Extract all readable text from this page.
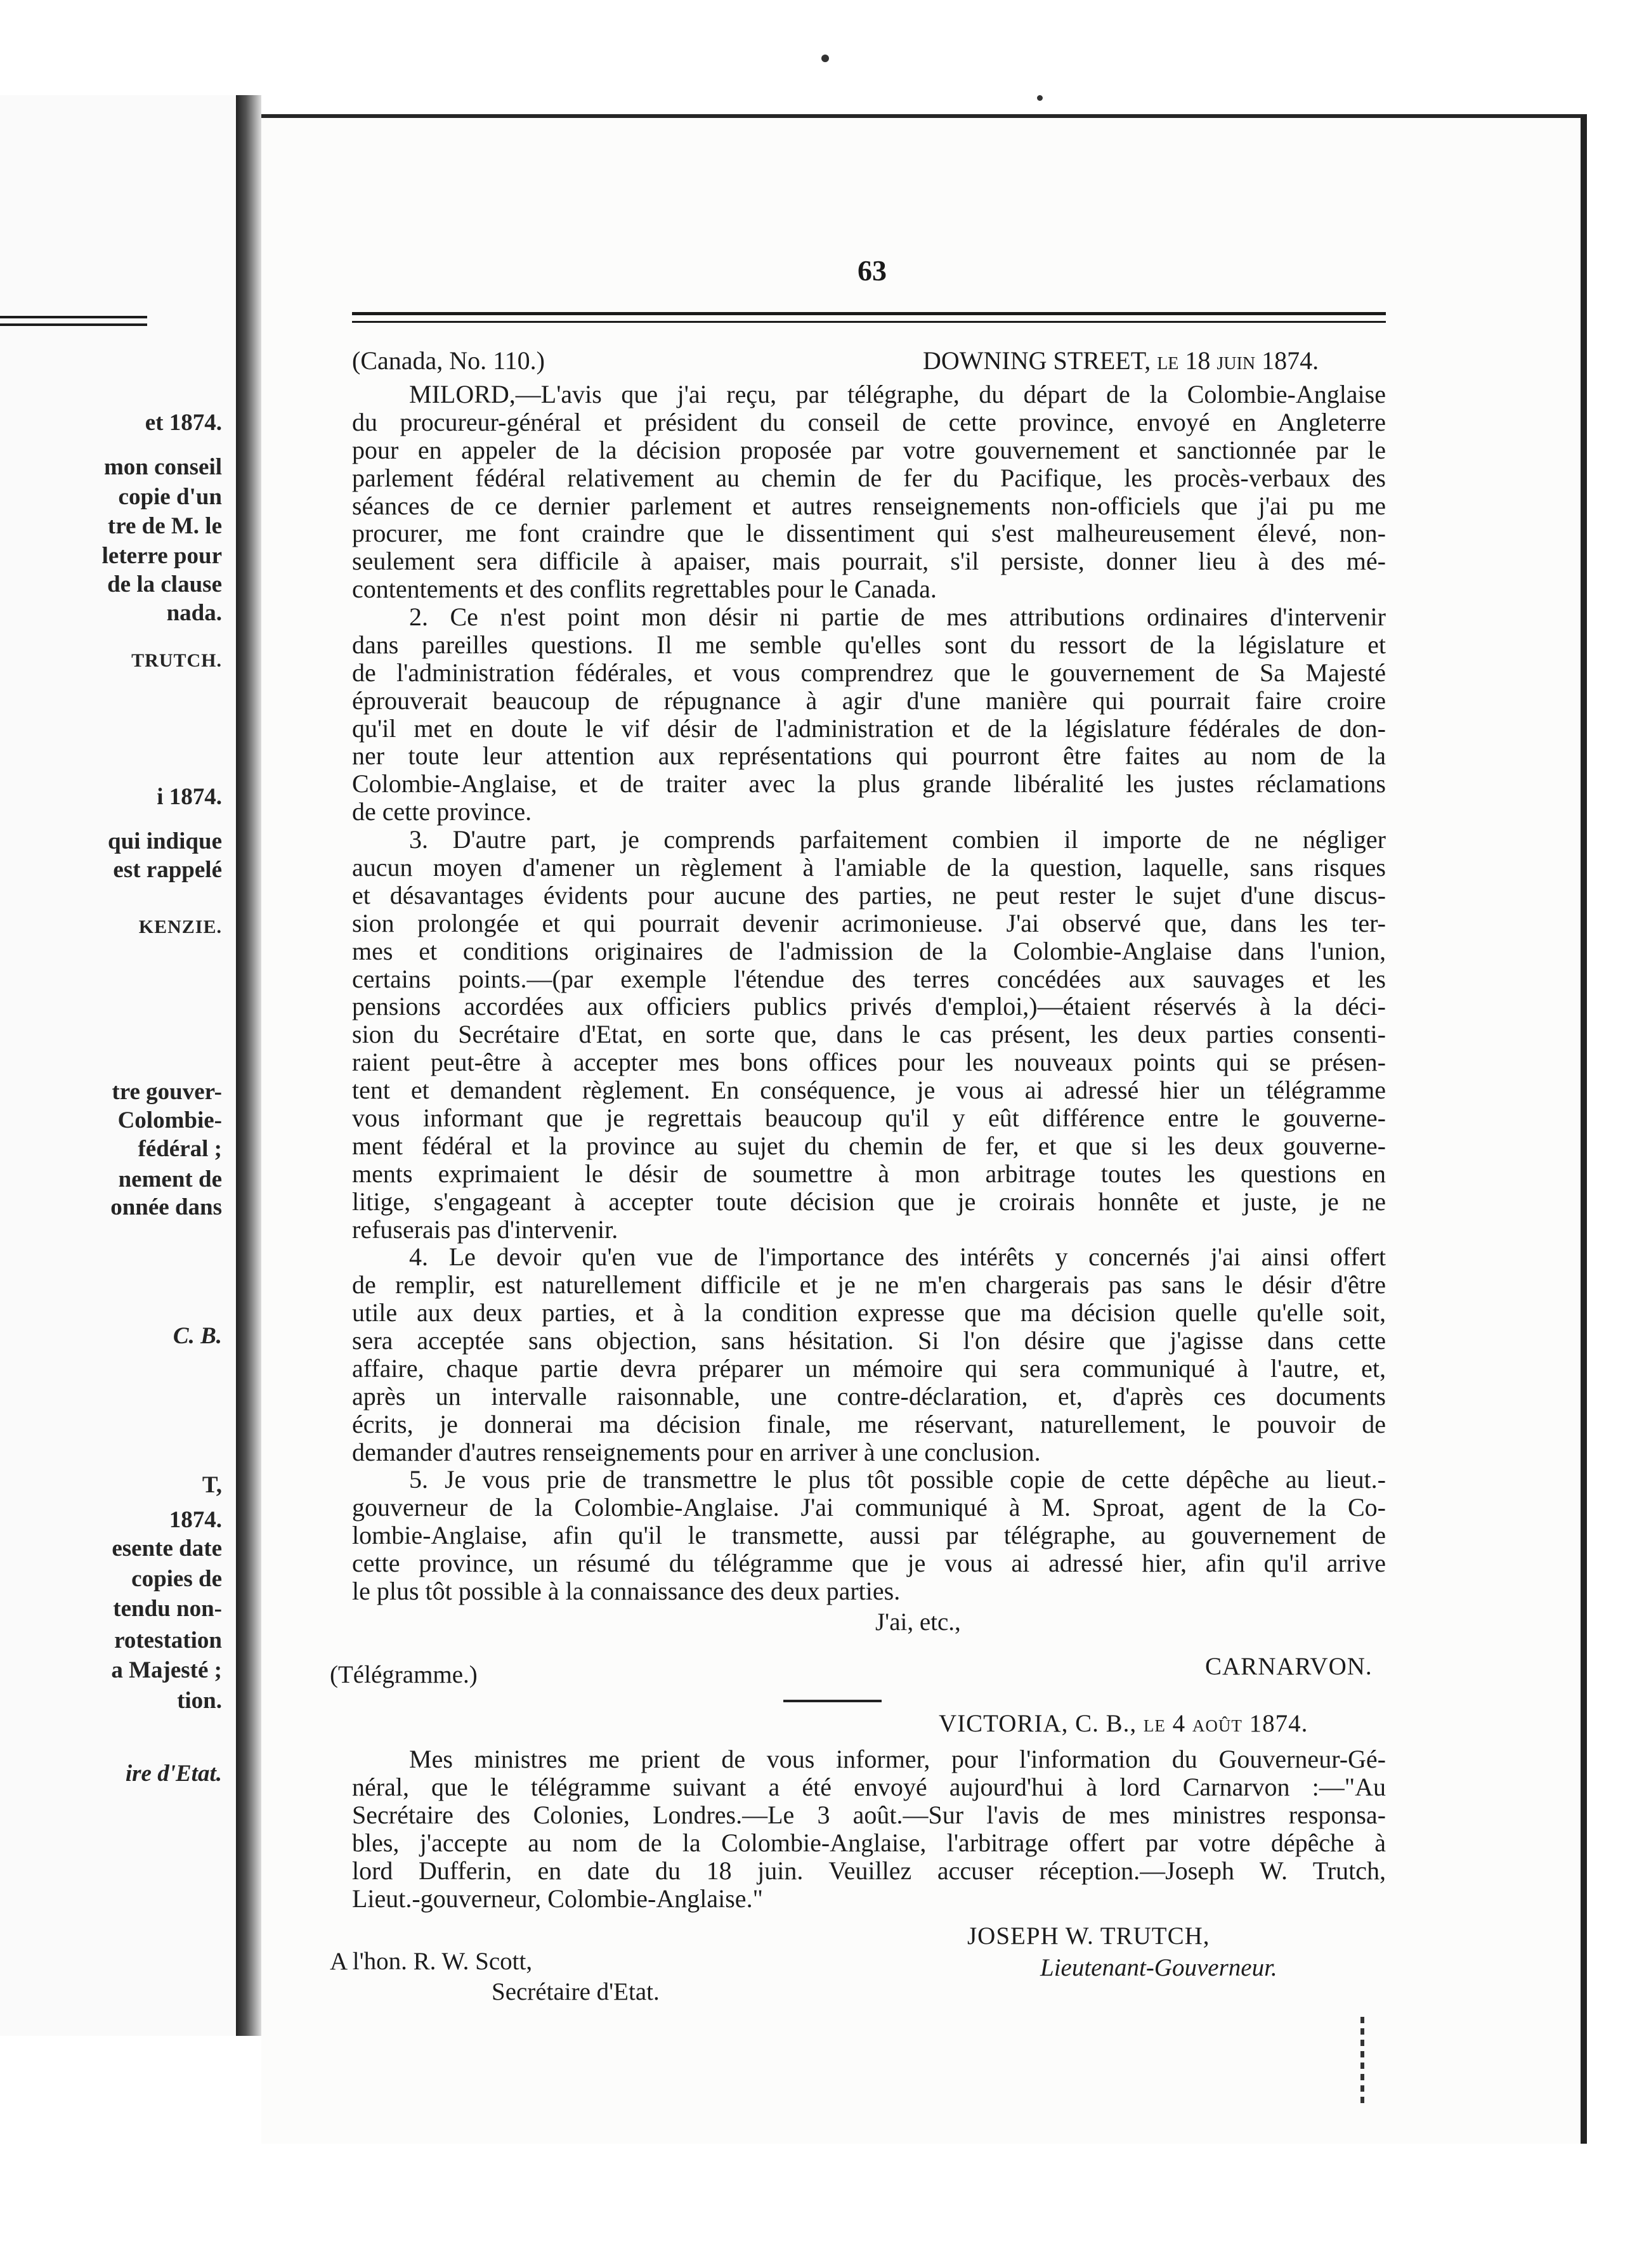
et 1874.
mon conseil
copie d'un
tre de M. le
leterre pour
de la clause
nada.
TRUTCH.
i 1874.
qui indique
est rappelé
KENZIE.
tre gouver-
Colombie-
fédéral ;
nement de
onnée dans
C. B.
T,
1874.
esente date
copies de
tendu non-
rotestation
a Majesté ;
tion.
ire d'Etat.
63
(Canada, No. 110.)	DOWNING STREET, le 18 juin 1874.
MILORD,—L'avis que j'ai reçu, par télégraphe, du départ de la Colombie-Anglaise
du procureur-général et président du conseil de cette province, envoyé en Angleterre
pour en appeler de la décision proposée par votre gouvernement et sanctionnée par le
parlement fédéral relativement au chemin de fer du Pacifique, les procès-verbaux des
séances de ce dernier parlement et autres renseignements non-officiels que j'ai pu me
procurer, me font craindre que le dissentiment qui s'est malheureusement élevé, non-
seulement sera difficile à apaiser, mais pourrait, s'il persiste, donner lieu à des mé-
contentements et des conflits regrettables pour le Canada.
2. Ce n'est point mon désir ni partie de mes attributions ordinaires d'intervenir
dans pareilles questions. Il me semble qu'elles sont du ressort de la législature et
de l'administration fédérales, et vous comprendrez que le gouvernement de Sa Majesté
éprouverait beaucoup de répugnance à agir d'une manière qui pourrait faire croire
qu'il met en doute le vif désir de l'administration et de la législature fédérales de don-
ner toute leur attention aux représentations qui pourront être faites au nom de la
Colombie-Anglaise, et de traiter avec la plus grande libéralité les justes réclamations
de cette province.
3. D'autre part, je comprends parfaitement combien il importe de ne négliger
aucun moyen d'amener un règlement à l'amiable de la question, laquelle, sans risques
et désavantages évidents pour aucune des parties, ne peut rester le sujet d'une discus-
sion prolongée et qui pourrait devenir acrimonieuse. J'ai observé que, dans les ter-
mes et conditions originaires de l'admission de la Colombie-Anglaise dans l'union,
certains points.—(par exemple l'étendue des terres concédées aux sauvages et les
pensions accordées aux officiers publics privés d'emploi,)—étaient réservés à la déci-
sion du Secrétaire d'Etat, en sorte que, dans le cas présent, les deux parties consenti-
raient peut-être à accepter mes bons offices pour les nouveaux points qui se présen-
tent et demandent règlement. En conséquence, je vous ai adressé hier un télégramme
vous informant que je regrettais beaucoup qu'il y eût différence entre le gouverne-
ment fédéral et la province au sujet du chemin de fer, et que si les deux gouverne-
ments exprimaient le désir de soumettre à mon arbitrage toutes les questions en
litige, s'engageant à accepter toute décision que je croirais honnête et juste, je ne
refuserais pas d'intervenir.
4. Le devoir qu'en vue de l'importance des intérêts y concernés j'ai ainsi offert
de remplir, est naturellement difficile et je ne m'en chargerais pas sans le désir d'être
utile aux deux parties, et à la condition expresse que ma décision quelle qu'elle soit,
sera acceptée sans objection, sans hésitation. Si l'on désire que j'agisse dans cette
affaire, chaque partie devra préparer un mémoire qui sera communiqué à l'autre, et,
après un intervalle raisonnable, une contre-déclaration, et, d'après ces documents
écrits, je donnerai ma décision finale, me réservant, naturellement, le pouvoir de
demander d'autres renseignements pour en arriver à une conclusion.
5. Je vous prie de transmettre le plus tôt possible copie de cette dépêche au lieut.-
gouverneur de la Colombie-Anglaise. J'ai communiqué à M. Sproat, agent de la Co-
lombie-Anglaise, afin qu'il le transmette, aussi par télégraphe, au gouvernement de
cette province, un résumé du télégramme que je vous ai adressé hier, afin qu'il arrive
le plus tôt possible à la connaissance des deux parties.
J'ai, etc.,
CARNARVON.
(Télégramme.)
VICTORIA, C. B., le 4 août 1874.
Mes ministres me prient de vous informer, pour l'information du Gouverneur-Gé-
néral, que le télégramme suivant a été envoyé aujourd'hui à lord Carnarvon :—"Au
Secrétaire des Colonies, Londres.—Le 3 août.—Sur l'avis de mes ministres responsa-
bles, j'accepte au nom de la Colombie-Anglaise, l'arbitrage offert par votre dépêche à
lord Dufferin, en date du 18 juin. Veuillez accuser réception.—Joseph W. Trutch,
Lieut.-gouverneur, Colombie-Anglaise."
A l'hon. R. W. Scott,
Secrétaire d'Etat.
JOSEPH W. TRUTCH,
Lieutenant-Gouverneur.
